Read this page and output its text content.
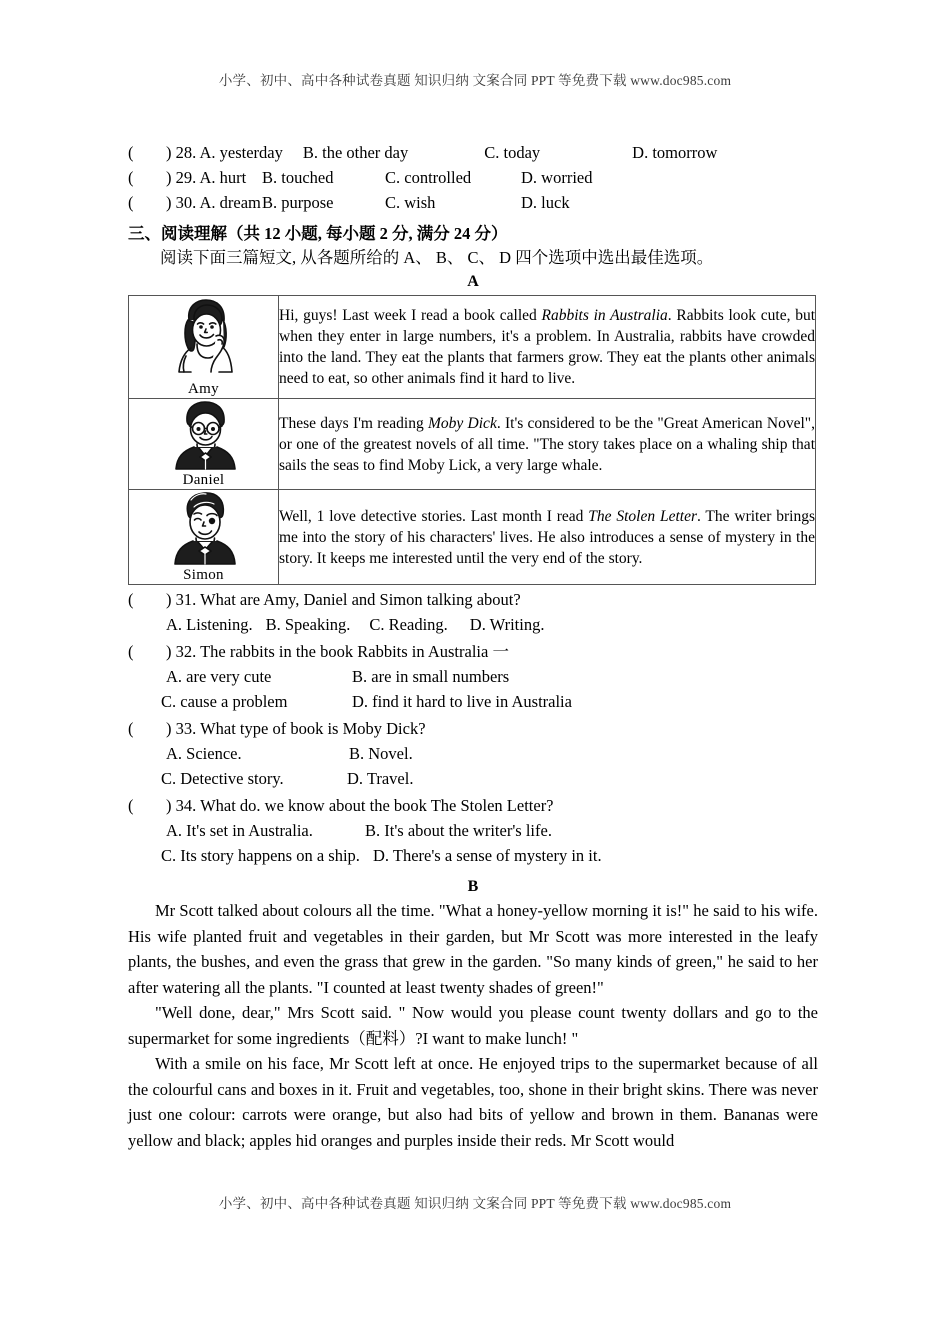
小学、初中、高中各种试卷真题 知识归纳 文案合同 PPT 等免费下载 www.doc985.com
( ) 28. A. yesterday B. the other day	C. today	D. tomorrow
( ) 29. A. hurt B. touched	C. controlled	D. worried
( ) 30. A. dreamB. purpose	C. wish	D. luck
三、阅读理解（共 12 小题, 每小题 2 分, 满分 24 分）
阅读下面三篇短文, 从各题所给的 A、 B、 C、 D 四个选项中选出最佳选项。
A
Amy	Hi, guys! Last week I read a book called Rabbits in Australia. Rabbits look cute, but when they enter in large numbers, it's a problem. In Australia, rabbits have crowded into the land. They eat the plants that farmers grow. They eat the plants other animals need to eat, so other animals find it hard to live.

Daniel	These days I'm reading Moby Dick. It's considered to be the "Great American Novel", or one of the greatest novels of all time. "The story takes place on a whaling ship that sails the seas to find Moby Lick, a very large whale.

Simon	Well, 1 love detective stories. Last month I read The Stolen Letter. The writer brings me into the story of his characters' lives. He also introduces a sense of mystery in the story. It keeps me interested until the very end of the story.
( ) 31. What are Amy, Daniel and Simon talking about?
A. Listening. B. Speaking. C. Reading. D. Writing.
( ) 32. The rabbits in the book Rabbits in Australia 一
A. are very cute	B. are in small numbers
C. cause a problem	D. find it hard to live in Australia
( ) 33. What type of book is Moby Dick?
A. Science.	B. Novel.
C. Detective story.	D. Travel.
( ) 34. What do. we know about the book The Stolen Letter?
A. It's set in Australia.	B. It's about the writer's life.
C. Its story happens on a ship. D. There's a sense of mystery in it.
B

Mr Scott talked about colours all the time. "What a honey-yellow morning it is!" he said to his wife. His wife planted fruit and vegetables in their garden, but Mr Scott was more interested in the leafy plants, the bushes, and even the grass that grew in the garden. "So many kinds of green," he said to her after watering all the plants. "I counted at least twenty shades of green!"

"Well done, dear," Mrs Scott said. " Now would you please count twenty dollars and go to the supermarket for some ingredients（配料）?I want to make lunch! "

With a smile on his face, Mr Scott left at once. He enjoyed trips to the supermarket because of all the colourful cans and boxes in it. Fruit and vegetables, too, shone in their bright skins. There was never just one colour: carrots were orange, but also had bits of yellow and brown in them. Bananas were yellow and black; apples hid oranges and purples inside their reds. Mr Scott would

小学、初中、高中各种试卷真题 知识归纳 文案合同 PPT 等免费下载 www.doc985.com
